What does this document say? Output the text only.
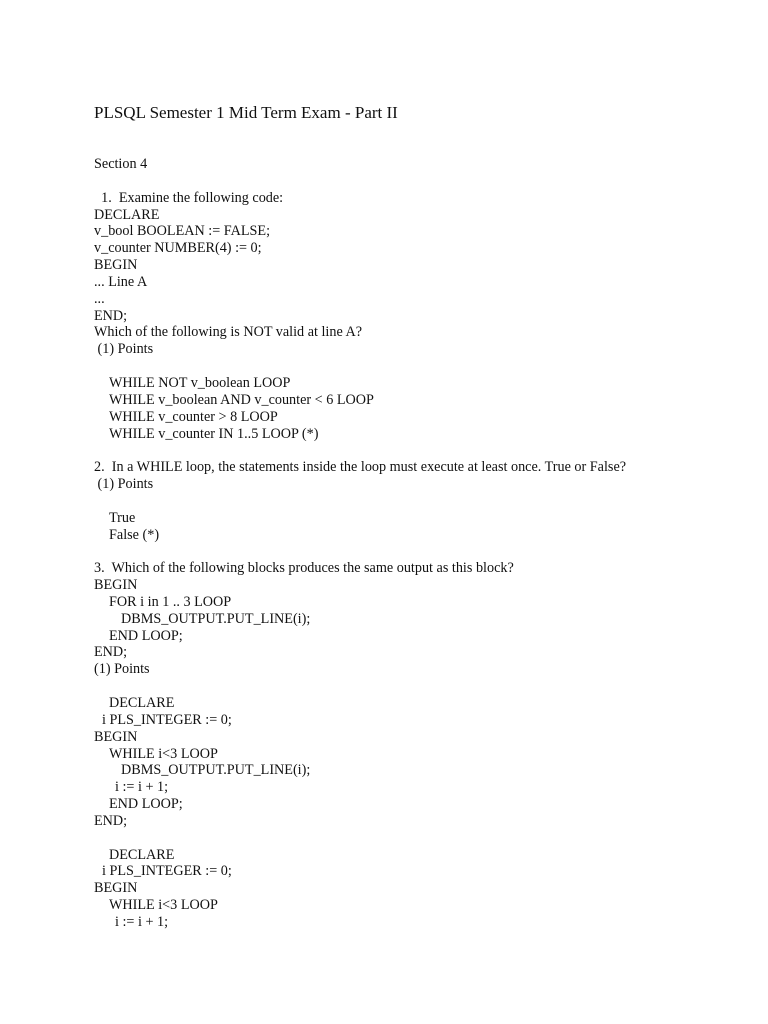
PLSQL Semester 1 Mid Term Exam - Part II
Section 4
1.  Examine the following code:
DECLARE
v_bool BOOLEAN := FALSE;
v_counter NUMBER(4) := 0;
BEGIN
... Line A
...
END;
Which of the following is NOT valid at line A?
(1) Points
WHILE NOT v_boolean LOOP
WHILE v_boolean AND v_counter < 6 LOOP
WHILE v_counter > 8 LOOP
WHILE v_counter IN 1..5 LOOP (*)
2.  In a WHILE loop, the statements inside the loop must execute at least once. True or False?
(1) Points
True
False (*)
3.  Which of the following blocks produces the same output as this block?
BEGIN
FOR i in 1 .. 3 LOOP
DBMS_OUTPUT.PUT_LINE(i);
END LOOP;
END;
(1) Points
DECLARE
i PLS_INTEGER := 0;
BEGIN
WHILE i<3 LOOP
DBMS_OUTPUT.PUT_LINE(i);
i := i + 1;
END LOOP;
END;
DECLARE
i PLS_INTEGER := 0;
BEGIN
WHILE i<3 LOOP
i := i + 1;
